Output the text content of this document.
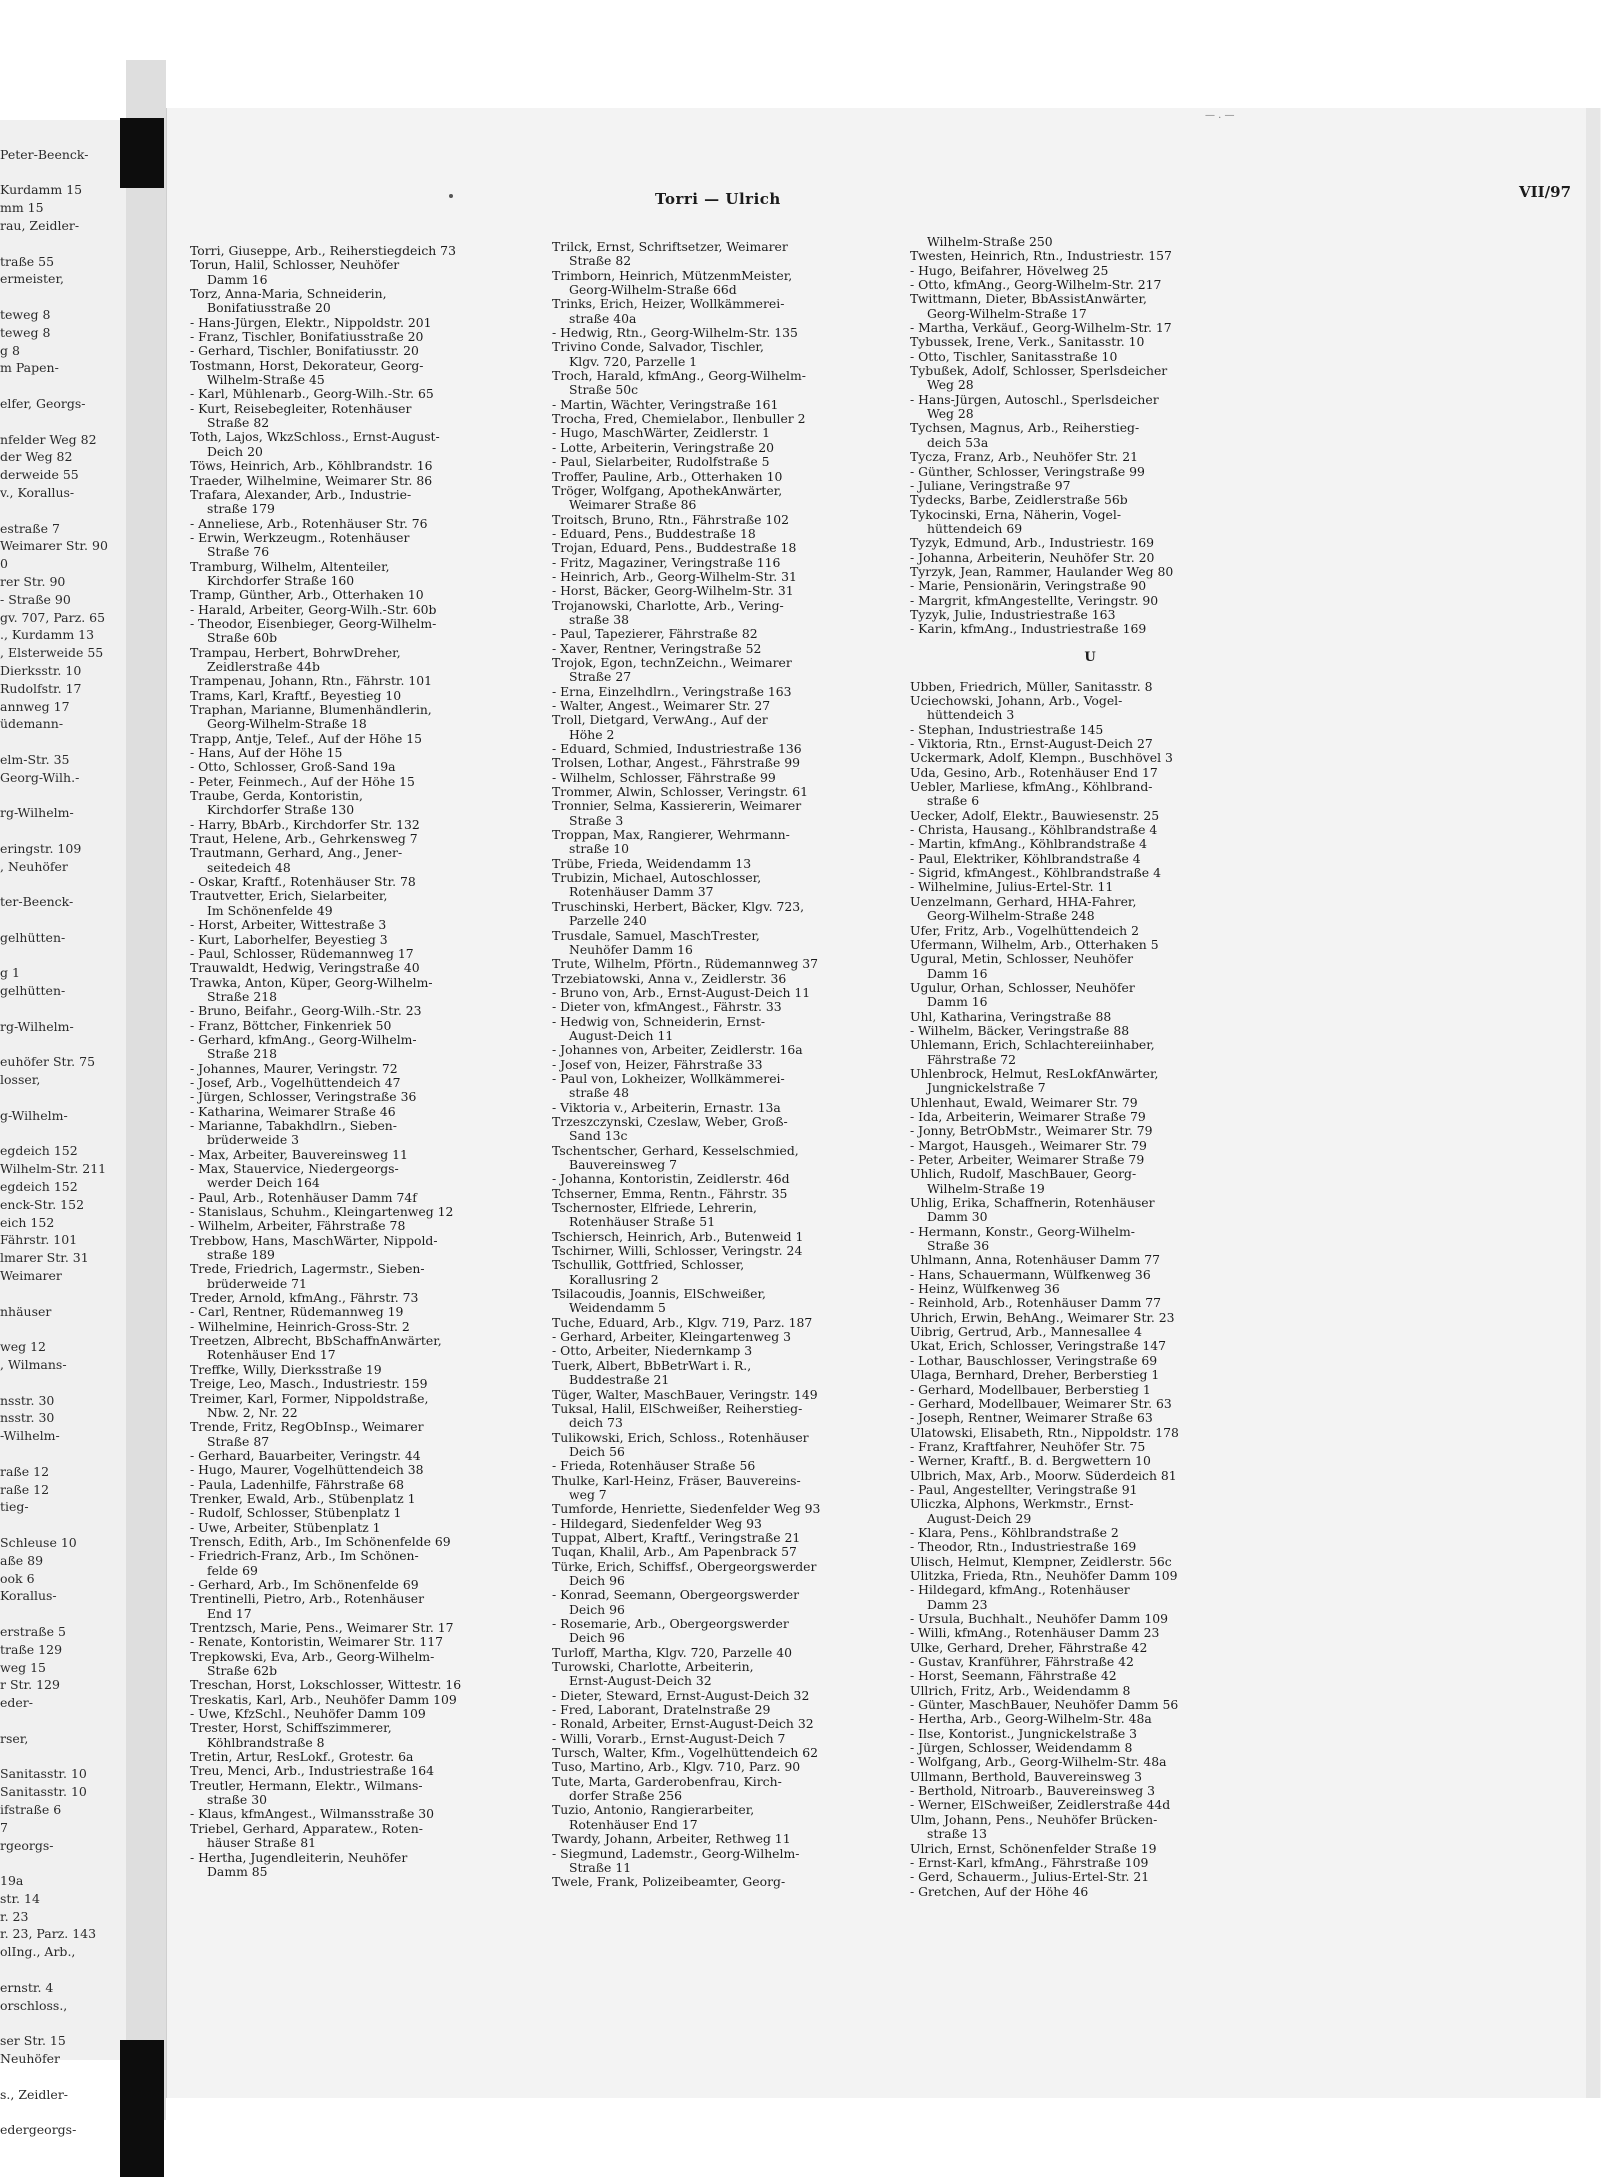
Peter-Beenck-

Kurdamm 15
mm 15
rau, Zeidler-

traße 55
ermeister,

teweg 8
teweg 8
g 8
m Papen-

elfer, Georgs-

nfelder Weg 82
der Weg 82
derweide 55
v., Korallus-

estraße 7
Weimarer Str. 90
0
rer Str. 90
- Straße 90
gv. 707, Parz. 65
., Kurdamm 13
, Elsterweide 55
Dierksstr. 10
Rudolfstr. 17
annweg 17
üdemann-

elm-Str. 35
Georg-Wilh.-

rg-Wilhelm-

eringstr. 109
, Neuhöfer

ter-Beenck-

gelhütten-

g 1
gelhütten-

rg-Wilhelm-

euhöfer Str. 75
losser,

g-Wilhelm-

egdeich 152
Wilhelm-Str. 211
egdeich 152
enck-Str. 152
eich 152
Fährstr. 101
lmarer Str. 31
Weimarer

nhäuser

weg 12
, Wilmans-

nsstr. 30
nsstr. 30
-Wilhelm-

raße 12
raße 12
tieg-

Schleuse 10
aße 89
ook 6
Korallus-

erstraße 5
traße 129
weg 15
r Str. 129
eder-

rser,

Sanitasstr. 10
Sanitasstr. 10
ifstraße 6
7
rgeorgs-

19a
str. 14
r. 23
r. 23, Parz. 143
olIng., Arb.,

ernstr. 4
orschloss.,

ser Str. 15
Neuhöfer

s., Zeidler-

edergeorgs-
— . —
Torri — Ulrich	VII/97
Torri, Giuseppe, Arb., Reiherstiegdeich 73
Torun, Halil, Schlosser, Neuhöfer
Damm 16
Torz, Anna-Maria, Schneiderin,
Bonifatiusstraße 20
- Hans-Jürgen, Elektr., Nippoldstr. 201
- Franz, Tischler, Bonifatiusstraße 20
- Gerhard, Tischler, Bonifatiusstr. 20
Tostmann, Horst, Dekorateur, Georg-
Wilhelm-Straße 45
- Karl, Mühlenarb., Georg-Wilh.-Str. 65
- Kurt, Reisebegleiter, Rotenhäuser
Straße 82
Toth, Lajos, WkzSchloss., Ernst-August-
Deich 20
Töws, Heinrich, Arb., Köhlbrandstr. 16
Traeder, Wilhelmine, Weimarer Str. 86
Trafara, Alexander, Arb., Industrie-
straße 179
- Anneliese, Arb., Rotenhäuser Str. 76
- Erwin, Werkzeugm., Rotenhäuser
Straße 76
Tramburg, Wilhelm, Altenteiler,
Kirchdorfer Straße 160
Tramp, Günther, Arb., Otterhaken 10
- Harald, Arbeiter, Georg-Wilh.-Str. 60b
- Theodor, Eisenbieger, Georg-Wilhelm-
Straße 60b
Trampau, Herbert, BohrwDreher,
Zeidlerstraße 44b
Trampenau, Johann, Rtn., Fährstr. 101
Trams, Karl, Kraftf., Beyestieg 10
Traphan, Marianne, Blumenhändlerin,
Georg-Wilhelm-Straße 18
Trapp, Antje, Telef., Auf der Höhe 15
- Hans, Auf der Höhe 15
- Otto, Schlosser, Groß-Sand 19a
- Peter, Feinmech., Auf der Höhe 15
Traube, Gerda, Kontoristin,
Kirchdorfer Straße 130
- Harry, BbArb., Kirchdorfer Str. 132
Traut, Helene, Arb., Gehrkensweg 7
Trautmann, Gerhard, Ang., Jener-
seitedeich 48
- Oskar, Kraftf., Rotenhäuser Str. 78
Trautvetter, Erich, Sielarbeiter,
Im Schönenfelde 49
- Horst, Arbeiter, Wittestraße 3
- Kurt, Laborhelfer, Beyestieg 3
- Paul, Schlosser, Rüdemannweg 17
Trauwaldt, Hedwig, Veringstraße 40
Trawka, Anton, Küper, Georg-Wilhelm-
Straße 218
- Bruno, Beifahr., Georg-Wilh.-Str. 23
- Franz, Böttcher, Finkenriek 50
- Gerhard, kfmAng., Georg-Wilhelm-
Straße 218
- Johannes, Maurer, Veringstr. 72
- Josef, Arb., Vogelhüttendeich 47
- Jürgen, Schlosser, Veringstraße 36
- Katharina, Weimarer Straße 46
- Marianne, Tabakhdlrn., Sieben-
brüderweide 3
- Max, Arbeiter, Bauvereinsweg 11
- Max, Stauervice, Niedergeorgs-
werder Deich 164
- Paul, Arb., Rotenhäuser Damm 74f
- Stanislaus, Schuhm., Kleingartenweg 12
- Wilhelm, Arbeiter, Fährstraße 78
Trebbow, Hans, MaschWärter, Nippold-
straße 189
Trede, Friedrich, Lagermstr., Sieben-
brüderweide 71
Treder, Arnold, kfmAng., Fährstr. 73
- Carl, Rentner, Rüdemannweg 19
- Wilhelmine, Heinrich-Gross-Str. 2
Treetzen, Albrecht, BbSchaffnAnwärter,
Rotenhäuser End 17
Treffke, Willy, Dierksstraße 19
Treige, Leo, Masch., Industriestr. 159
Treimer, Karl, Former, Nippoldstraße,
Nbw. 2, Nr. 22
Trende, Fritz, RegObInsp., Weimarer
Straße 87
- Gerhard, Bauarbeiter, Veringstr. 44
- Hugo, Maurer, Vogelhüttendeich 38
- Paula, Ladenhilfe, Fährstraße 68
Trenker, Ewald, Arb., Stübenplatz 1
- Rudolf, Schlosser, Stübenplatz 1
- Uwe, Arbeiter, Stübenplatz 1
Trensch, Edith, Arb., Im Schönenfelde 69
- Friedrich-Franz, Arb., Im Schönen-
felde 69
- Gerhard, Arb., Im Schönenfelde 69
Trentinelli, Pietro, Arb., Rotenhäuser
End 17
Trentzsch, Marie, Pens., Weimarer Str. 17
- Renate, Kontoristin, Weimarer Str. 117
Trepkowski, Eva, Arb., Georg-Wilhelm-
Straße 62b
Treschan, Horst, Lokschlosser, Wittestr. 16
Treskatis, Karl, Arb., Neuhöfer Damm 109
- Uwe, KfzSchl., Neuhöfer Damm 109
Trester, Horst, Schiffszimmerer,
Köhlbrandstraße 8
Tretin, Artur, ResLokf., Grotestr. 6a
Treu, Menci, Arb., Industriestraße 164
Treutler, Hermann, Elektr., Wilmans-
straße 30
- Klaus, kfmAngest., Wilmansstraße 30
Triebel, Gerhard, Apparatew., Roten-
häuser Straße 81
- Hertha, Jugendleiterin, Neuhöfer
Damm 85
Trilck, Ernst, Schriftsetzer, Weimarer
Straße 82
Trimborn, Heinrich, MützenmMeister,
Georg-Wilhelm-Straße 66d
Trinks, Erich, Heizer, Wollkämmerei-
straße 40a
- Hedwig, Rtn., Georg-Wilhelm-Str. 135
Trivino Conde, Salvador, Tischler,
Klgv. 720, Parzelle 1
Troch, Harald, kfmAng., Georg-Wilhelm-
Straße 50c
- Martin, Wächter, Veringstraße 161
Trocha, Fred, Chemielabor., Ilenbuller 2
- Hugo, MaschWärter, Zeidlerstr. 1
- Lotte, Arbeiterin, Veringstraße 20
- Paul, Sielarbeiter, Rudolfstraße 5
Troffer, Pauline, Arb., Otterhaken 10
Tröger, Wolfgang, ApothekAnwärter,
Weimarer Straße 86
Troitsch, Bruno, Rtn., Fährstraße 102
- Eduard, Pens., Buddestraße 18
Trojan, Eduard, Pens., Buddestraße 18
- Fritz, Magaziner, Veringstraße 116
- Heinrich, Arb., Georg-Wilhelm-Str. 31
- Horst, Bäcker, Georg-Wilhelm-Str. 31
Trojanowski, Charlotte, Arb., Vering-
straße 38
- Paul, Tapezierer, Fährstraße 82
- Xaver, Rentner, Veringstraße 52
Trojok, Egon, technZeichn., Weimarer
Straße 27
- Erna, Einzelhdlrn., Veringstraße 163
- Walter, Angest., Weimarer Str. 27
Troll, Dietgard, VerwAng., Auf der
Höhe 2
- Eduard, Schmied, Industriestraße 136
Trolsen, Lothar, Angest., Fährstraße 99
- Wilhelm, Schlosser, Fährstraße 99
Trommer, Alwin, Schlosser, Veringstr. 61
Tronnier, Selma, Kassiererin, Weimarer
Straße 3
Troppan, Max, Rangierer, Wehrmann-
straße 10
Trübe, Frieda, Weidendamm 13
Trubizin, Michael, Autoschlosser,
Rotenhäuser Damm 37
Truschinski, Herbert, Bäcker, Klgv. 723,
Parzelle 240
Trusdale, Samuel, MaschTrester,
Neuhöfer Damm 16
Trute, Wilhelm, Pförtn., Rüdemannweg 37
Trzebiatowski, Anna v., Zeidlerstr. 36
- Bruno von, Arb., Ernst-August-Deich 11
- Dieter von, kfmAngest., Fährstr. 33
- Hedwig von, Schneiderin, Ernst-
August-Deich 11
- Johannes von, Arbeiter, Zeidlerstr. 16a
- Josef von, Heizer, Fährstraße 33
- Paul von, Lokheizer, Wollkämmerei-
straße 48
- Viktoria v., Arbeiterin, Ernastr. 13a
Trzeszczynski, Czeslaw, Weber, Groß-
Sand 13c
Tschentscher, Gerhard, Kesselschmied,
Bauvereinsweg 7
- Johanna, Kontoristin, Zeidlerstr. 46d
Tchserner, Emma, Rentn., Fährstr. 35
Tschernoster, Elfriede, Lehrerin,
Rotenhäuser Straße 51
Tschiersch, Heinrich, Arb., Butenweid 1
Tschirner, Willi, Schlosser, Veringstr. 24
Tschullik, Gottfried, Schlosser,
Korallusring 2
Tsilacoudis, Joannis, ElSchweißer,
Weidendamm 5
Tuche, Eduard, Arb., Klgv. 719, Parz. 187
- Gerhard, Arbeiter, Kleingartenweg 3
- Otto, Arbeiter, Niedernkamp 3
Tuerk, Albert, BbBetrWart i. R.,
Buddestraße 21
Tüger, Walter, MaschBauer, Veringstr. 149
Tuksal, Halil, ElSchweißer, Reiherstieg-
deich 73
Tulikowski, Erich, Schloss., Rotenhäuser
Deich 56
- Frieda, Rotenhäuser Straße 56
Thulke, Karl-Heinz, Fräser, Bauvereins-
weg 7
Tumforde, Henriette, Siedenfelder Weg 93
- Hildegard, Siedenfelder Weg 93
Tuppat, Albert, Kraftf., Veringstraße 21
Tuqan, Khalil, Arb., Am Papenbrack 57
Türke, Erich, Schiffsf., Obergeorgswerder
Deich 96
- Konrad, Seemann, Obergeorgswerder
Deich 96
- Rosemarie, Arb., Obergeorgswerder
Deich 96
Turloff, Martha, Klgv. 720, Parzelle 40
Turowski, Charlotte, Arbeiterin,
Ernst-August-Deich 32
- Dieter, Steward, Ernst-August-Deich 32
- Fred, Laborant, Dratelnstraße 29
- Ronald, Arbeiter, Ernst-August-Deich 32
- Willi, Vorarb., Ernst-August-Deich 7
Tursch, Walter, Kfm., Vogelhüttendeich 62
Tuso, Martino, Arb., Klgv. 710, Parz. 90
Tute, Marta, Garderobenfrau, Kirch-
dorfer Straße 256
Tuzio, Antonio, Rangierarbeiter,
Rotenhäuser End 17
Twardy, Johann, Arbeiter, Rethweg 11
- Siegmund, Lademstr., Georg-Wilhelm-
Straße 11
Twele, Frank, Polizeibeamter, Georg-
Wilhelm-Straße 250
Twesten, Heinrich, Rtn., Industriestr. 157
- Hugo, Beifahrer, Hövelweg 25
- Otto, kfmAng., Georg-Wilhelm-Str. 217
Twittmann, Dieter, BbAssistAnwärter,
Georg-Wilhelm-Straße 17
- Martha, Verkäuf., Georg-Wilhelm-Str. 17
Tybussek, Irene, Verk., Sanitasstr. 10
- Otto, Tischler, Sanitasstraße 10
Tybußek, Adolf, Schlosser, Sperlsdeicher
Weg 28
- Hans-Jürgen, Autoschl., Sperlsdeicher
Weg 28
Tychsen, Magnus, Arb., Reiherstieg-
deich 53a
Tycza, Franz, Arb., Neuhöfer Str. 21
- Günther, Schlosser, Veringstraße 99
- Juliane, Veringstraße 97
Tydecks, Barbe, Zeidlerstraße 56b
Tykocinski, Erna, Näherin, Vogel-
hüttendeich 69
Tyzyk, Edmund, Arb., Industriestr. 169
- Johanna, Arbeiterin, Neuhöfer Str. 20
Tyrzyk, Jean, Rammer, Haulander Weg 80
- Marie, Pensionärin, Veringstraße 90
- Margrit, kfmAngestellte, Veringstr. 90
Tyzyk, Julie, Industriestraße 163
- Karin, kfmAng., Industriestraße 169
U
Ubben, Friedrich, Müller, Sanitasstr. 8
Uciechowski, Johann, Arb., Vogel-
hüttendeich 3
- Stephan, Industriestraße 145
- Viktoria, Rtn., Ernst-August-Deich 27
Uckermark, Adolf, Klempn., Buschhövel 3
Uda, Gesino, Arb., Rotenhäuser End 17
Uebler, Marliese, kfmAng., Köhlbrand-
straße 6
Uecker, Adolf, Elektr., Bauwiesenstr. 25
- Christa, Hausang., Köhlbrandstraße 4
- Martin, kfmAng., Köhlbrandstraße 4
- Paul, Elektriker, Köhlbrandstraße 4
- Sigrid, kfmAngest., Köhlbrandstraße 4
- Wilhelmine, Julius-Ertel-Str. 11
Uenzelmann, Gerhard, HHA-Fahrer,
Georg-Wilhelm-Straße 248
Ufer, Fritz, Arb., Vogelhüttendeich 2
Ufermann, Wilhelm, Arb., Otterhaken 5
Ugural, Metin, Schlosser, Neuhöfer
Damm 16
Ugulur, Orhan, Schlosser, Neuhöfer
Damm 16
Uhl, Katharina, Veringstraße 88
- Wilhelm, Bäcker, Veringstraße 88
Uhlemann, Erich, Schlachtereiinhaber,
Fährstraße 72
Uhlenbrock, Helmut, ResLokfAnwärter,
Jungnickelstraße 7
Uhlenhaut, Ewald, Weimarer Str. 79
- Ida, Arbeiterin, Weimarer Straße 79
- Jonny, BetrObMstr., Weimarer Str. 79
- Margot, Hausgeh., Weimarer Str. 79
- Peter, Arbeiter, Weimarer Straße 79
Uhlich, Rudolf, MaschBauer, Georg-
Wilhelm-Straße 19
Uhlig, Erika, Schaffnerin, Rotenhäuser
Damm 30
- Hermann, Konstr., Georg-Wilhelm-
Straße 36
Uhlmann, Anna, Rotenhäuser Damm 77
- Hans, Schauermann, Wülfkenweg 36
- Heinz, Wülfkenweg 36
- Reinhold, Arb., Rotenhäuser Damm 77
Uhrich, Erwin, BehAng., Weimarer Str. 23
Uibrig, Gertrud, Arb., Mannesallee 4
Ukat, Erich, Schlosser, Veringstraße 147
- Lothar, Bauschlosser, Veringstraße 69
Ulaga, Bernhard, Dreher, Berberstieg 1
- Gerhard, Modellbauer, Berberstieg 1
- Gerhard, Modellbauer, Weimarer Str. 63
- Joseph, Rentner, Weimarer Straße 63
Ulatowski, Elisabeth, Rtn., Nippoldstr. 178
- Franz, Kraftfahrer, Neuhöfer Str. 75
- Werner, Kraftf., B. d. Bergwettern 10
Ulbrich, Max, Arb., Moorw. Süderdeich 81
- Paul, Angestellter, Veringstraße 91
Uliczka, Alphons, Werkmstr., Ernst-
August-Deich 29
- Klara, Pens., Köhlbrandstraße 2
- Theodor, Rtn., Industriestraße 169
Ulisch, Helmut, Klempner, Zeidlerstr. 56c
Ulitzka, Frieda, Rtn., Neuhöfer Damm 109
- Hildegard, kfmAng., Rotenhäuser
Damm 23
- Ursula, Buchhalt., Neuhöfer Damm 109
- Willi, kfmAng., Rotenhäuser Damm 23
Ulke, Gerhard, Dreher, Fährstraße 42
- Gustav, Kranführer, Fährstraße 42
- Horst, Seemann, Fährstraße 42
Ullrich, Fritz, Arb., Weidendamm 8
- Günter, MaschBauer, Neuhöfer Damm 56
- Hertha, Arb., Georg-Wilhelm-Str. 48a
- Ilse, Kontorist., Jungnickelstraße 3
- Jürgen, Schlosser, Weidendamm 8
- Wolfgang, Arb., Georg-Wilhelm-Str. 48a
Ullmann, Berthold, Bauvereinsweg 3
- Berthold, Nitroarb., Bauvereinsweg 3
- Werner, ElSchweißer, Zeidlerstraße 44d
Ulm, Johann, Pens., Neuhöfer Brücken-
straße 13
Ulrich, Ernst, Schönenfelder Straße 19
- Ernst-Karl, kfmAng., Fährstraße 109
- Gerd, Schauerm., Julius-Ertel-Str. 21
- Gretchen, Auf der Höhe 46
